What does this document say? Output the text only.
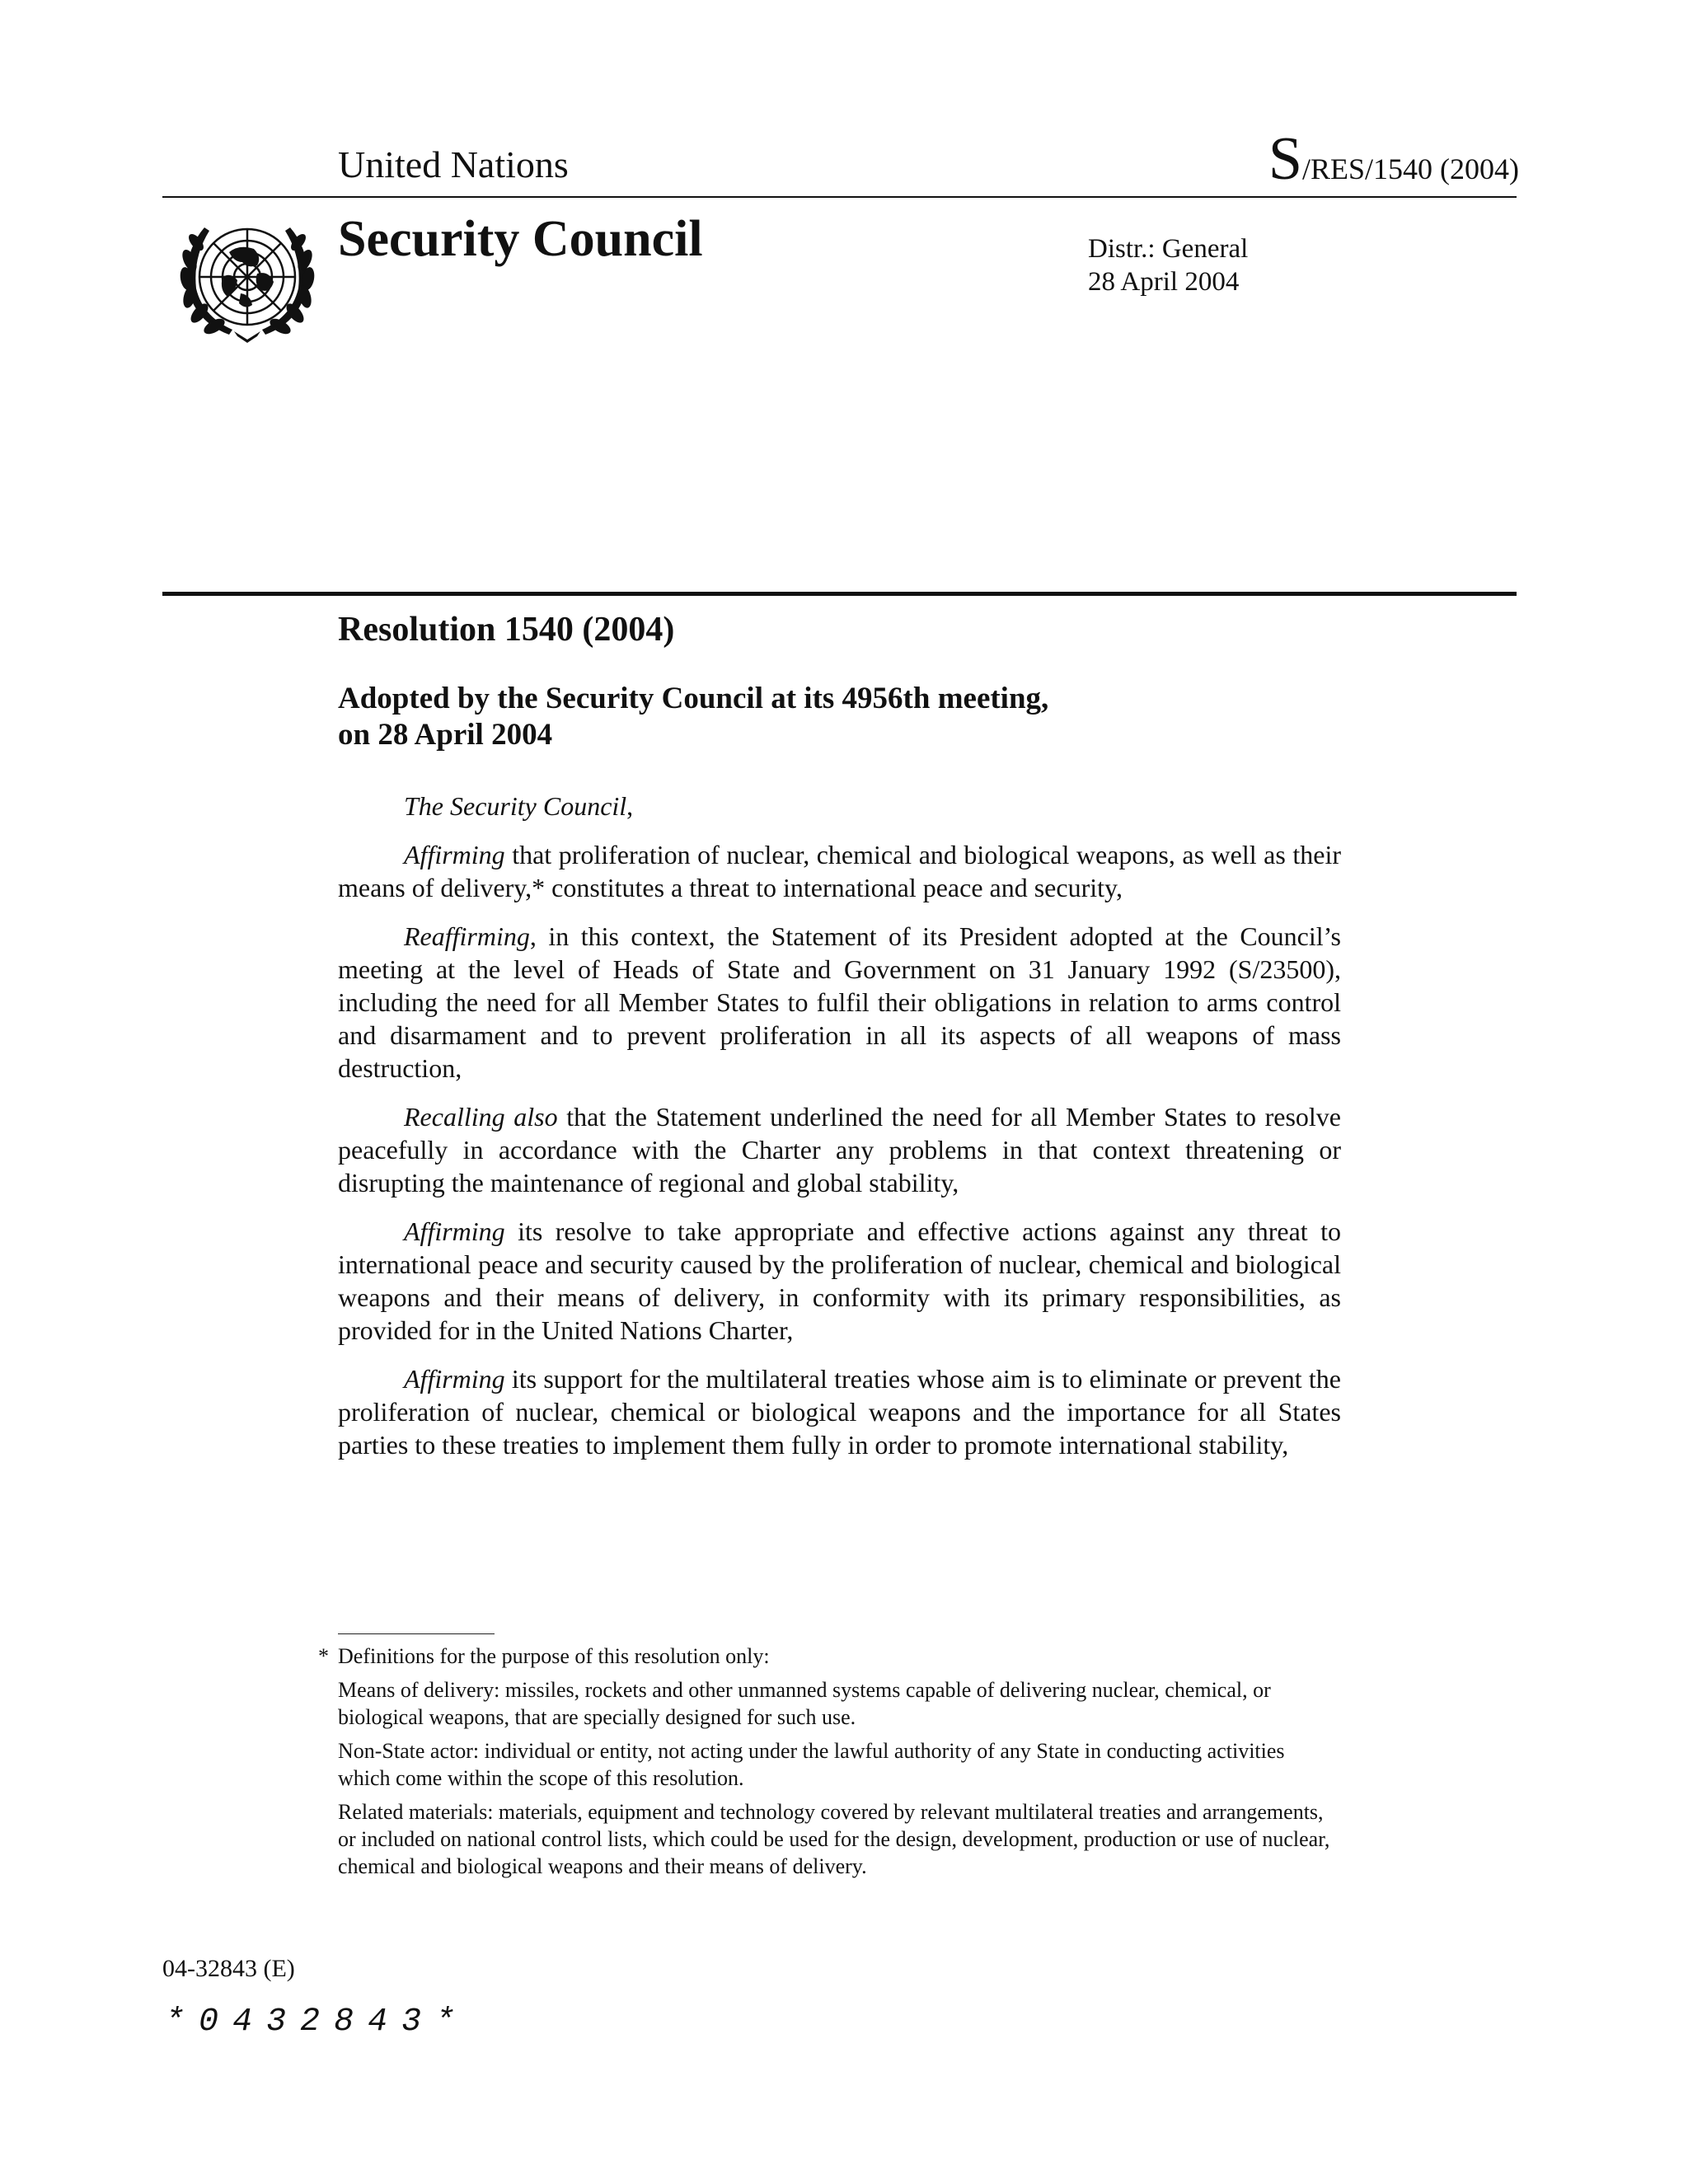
United Nations	S/RES/1540 (2004)
Security Council	Distr.: General
28 April 2004
Resolution 1540 (2004)
Adopted by the Security Council at its 4956th meeting,
on 28 April 2004

The Security Council,

Affirming that proliferation of nuclear, chemical and biological weapons, as well as their means of delivery,* constitutes a threat to international peace and security,

Reaffirming, in this context, the Statement of its President adopted at the Council’s meeting at the level of Heads of State and Government on 31 January 1992 (S/23500), including the need for all Member States to fulfil their obligations in relation to arms control and disarmament and to prevent proliferation in all its aspects of all weapons of mass destruction,

Recalling also that the Statement underlined the need for all Member States to resolve peacefully in accordance with the Charter any problems in that context threatening or disrupting the maintenance of regional and global stability,

Affirming its resolve to take appropriate and effective actions against any threat to international peace and security caused by the proliferation of nuclear, chemical and biological weapons and their means of delivery, in conformity with its primary responsibilities, as provided for in the United Nations Charter,

Affirming its support for the multilateral treaties whose aim is to eliminate or prevent the proliferation of nuclear, chemical or biological weapons and the importance for all States parties to these treaties to implement them fully in order to promote international stability,

* Definitions for the purpose of this resolution only:

Means of delivery: missiles, rockets and other unmanned systems capable of delivering nuclear, chemical, or biological weapons, that are specially designed for such use.

Non-State actor: individual or entity, not acting under the lawful authority of any State in conducting activities which come within the scope of this resolution.

Related materials: materials, equipment and technology covered by relevant multilateral treaties and arrangements, or included on national control lists, which could be used for the design, development, production or use of nuclear, chemical and biological weapons and their means of delivery.

04-32843 (E)
*0432843*
